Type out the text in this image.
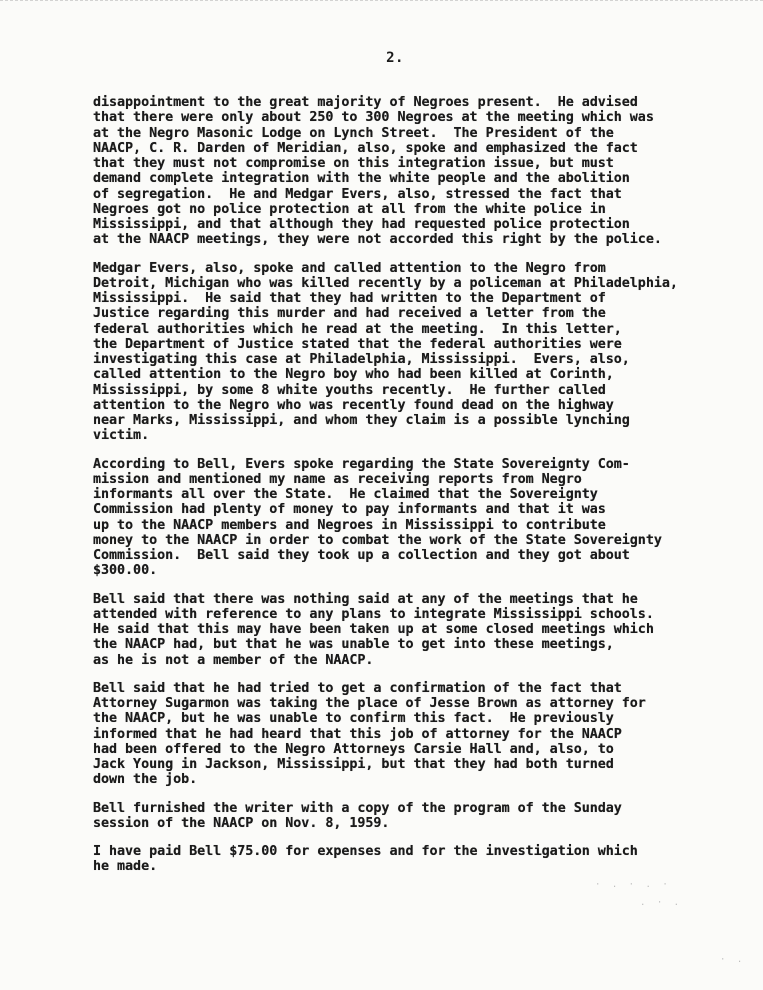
2.
disappointment to the great majority of Negroes present.  He advised
that there were only about 250 to 300 Negroes at the meeting which was
at the Negro Masonic Lodge on Lynch Street.  The President of the
NAACP, C. R. Darden of Meridian, also, spoke and emphasized the fact
that they must not compromise on this integration issue, but must
demand complete integration with the white people and the abolition
of segregation.  He and Medgar Evers, also, stressed the fact that
Negroes got no police protection at all from the white police in
Mississippi, and that although they had requested police protection
at the NAACP meetings, they were not accorded this right by the police.
Medgar Evers, also, spoke and called attention to the Negro from
Detroit, Michigan who was killed recently by a policeman at Philadelphia,
Mississippi.  He said that they had written to the Department of
Justice regarding this murder and had received a letter from the
federal authorities which he read at the meeting.  In this letter,
the Department of Justice stated that the federal authorities were
investigating this case at Philadelphia, Mississippi.  Evers, also,
called attention to the Negro boy who had been killed at Corinth,
Mississippi, by some 8 white youths recently.  He further called
attention to the Negro who was recently found dead on the highway
near Marks, Mississippi, and whom they claim is a possible lynching
victim.
According to Bell, Evers spoke regarding the State Sovereignty Com-
mission and mentioned my name as receiving reports from Negro
informants all over the State.  He claimed that the Sovereignty
Commission had plenty of money to pay informants and that it was
up to the NAACP members and Negroes in Mississippi to contribute
money to the NAACP in order to combat the work of the State Sovereignty
Commission.  Bell said they took up a collection and they got about
$300.00.
Bell said that there was nothing said at any of the meetings that he
attended with reference to any plans to integrate Mississippi schools.
He said that this may have been taken up at some closed meetings which
the NAACP had, but that he was unable to get into these meetings,
as he is not a member of the NAACP.
Bell said that he had tried to get a confirmation of the fact that
Attorney Sugarmon was taking the place of Jesse Brown as attorney for
the NAACP, but he was unable to confirm this fact.  He previously
informed that he had heard that this job of attorney for the NAACP
had been offered to the Negro Attorneys Carsie Hall and, also, to
Jack Young in Jackson, Mississippi, but that they had both turned
down the job.
Bell furnished the writer with a copy of the program of the Sunday
session of the NAACP on Nov. 8, 1959.
I have paid Bell $75.00 for expenses and for the investigation which
he made.
· . · . ·
. · .
· .
